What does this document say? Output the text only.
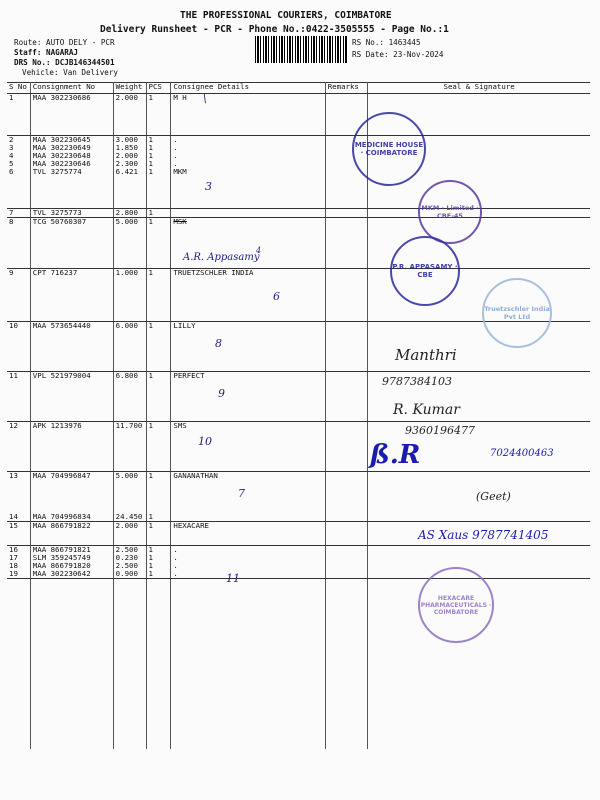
THE PROFESSIONAL COURIERS, COIMBATORE
Delivery Runsheet - PCR - Phone No.:0422-3505555 - Page No.:1
Route: AUTO DELY - PCR
Staff: NAGARAJ
DRS No.: DCJB146344501
Vehicle: Van Delivery
RS No.: 1463445
RS Date: 23-Nov-2024
S No	Consignment No	Weight	PCS	Consignee Details	Remarks	Seal & Signature
1	MAA 302230686	2.000	1	M H		
2	MAA 302230645	3.000	1	.		
3	MAA 302230649	1.850	1	.		
4	MAA 302230648	2.000	1	.		
5	MAA 302230646	2.300	1	.		
6	TVL 3275774	6.421	1	MKM		
7	TVL 3275773	2.800	1			
8	TCG 50760307	5.000	1	MSK		
9	CPT 716237	1.000	1	TRUETZSCHLER INDIA		
10	MAA 573654440	6.000	1	LILLY		
11	VPL 521979004	6.800	1	PERFECT		
12	APK 1213976	11.700	1	SMS		
13	MAA 704996847	5.000	1	GANANATHAN		
14	MAA 704996834	24.450	1			
15	MAA 866791822	2.000	1	HEXACARE		
16	MAA 866791821	2.500	1	.		
17	SLM 359245749	0.230	1	.		
18	MAA 866791820	2.500	1	.		
19	MAA 302230642	0.900	1	.		

MEDICINE HOUSE · COIMBATORE
MKM · Limited · CBE-45
P.R. APPASAMY · CBE
Truetzschler India Pvt Ltd
HEXACARE PHARMACEUTICALS · COIMBATORE
\
3
A.R. Appasamy
4
6
8
9
10
7
11
Manthri
9787384103
R. Kumar
9360196477
ß.R	7024400463
(Geet)
AS Xaus 9787741405
